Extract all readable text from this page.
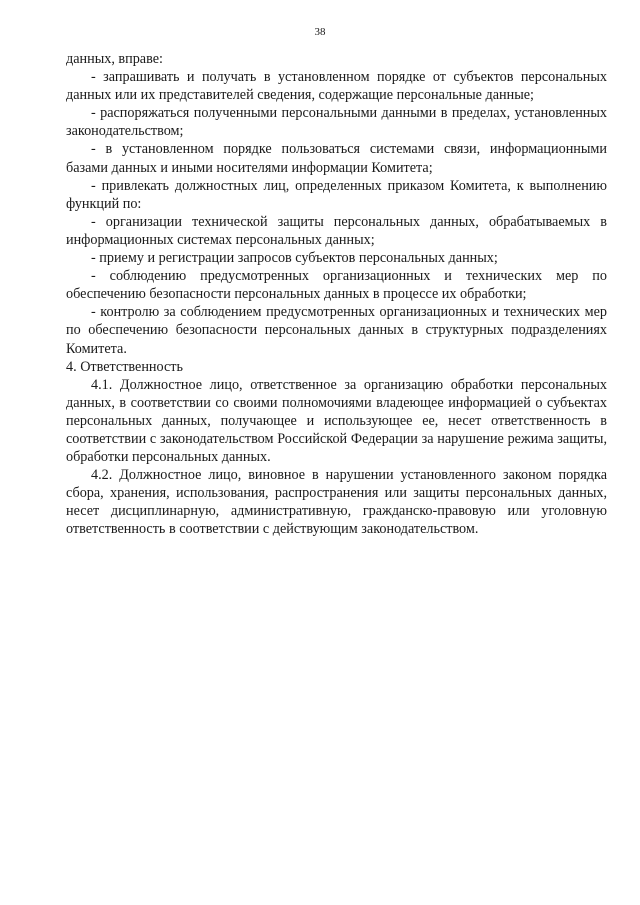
38

данных, вправе:

- запрашивать и получать в установленном порядке от субъектов персональных данных или их представителей сведения, содержащие персональные данные;

- распоряжаться полученными персональными данными в пределах, установленных законодательством;

- в установленном порядке пользоваться системами связи, информационными базами данных и иными носителями информации Комитета;

- привлекать должностных лиц, определенных приказом Комитета, к выполнению функций по:

- организации технической защиты персональных данных, обрабатываемых в информационных системах персональных данных;

- приему и регистрации запросов субъектов персональных данных;

- соблюдению предусмотренных организационных и технических мер по обеспечению безопасности персональных данных в процессе их обработки;

- контролю за соблюдением предусмотренных организационных и технических мер по обеспечению безопасности персональных данных в структурных подразделениях Комитета.

4. Ответственность

4.1. Должностное лицо, ответственное за организацию обработки персональных данных, в соответствии со своими полномочиями владеющее информацией о субъектах персональных данных, получающее и использующее ее, несет ответственность в соответствии с законодательством Российской Федерации за нарушение режима защиты, обработки персональных данных.

4.2. Должностное лицо, виновное в нарушении установленного законом порядка сбора, хранения, использования, распространения или защиты персональных данных, несет дисциплинарную, административную, гражданско-правовую или уголовную ответственность в соответствии с действующим законодательством.
